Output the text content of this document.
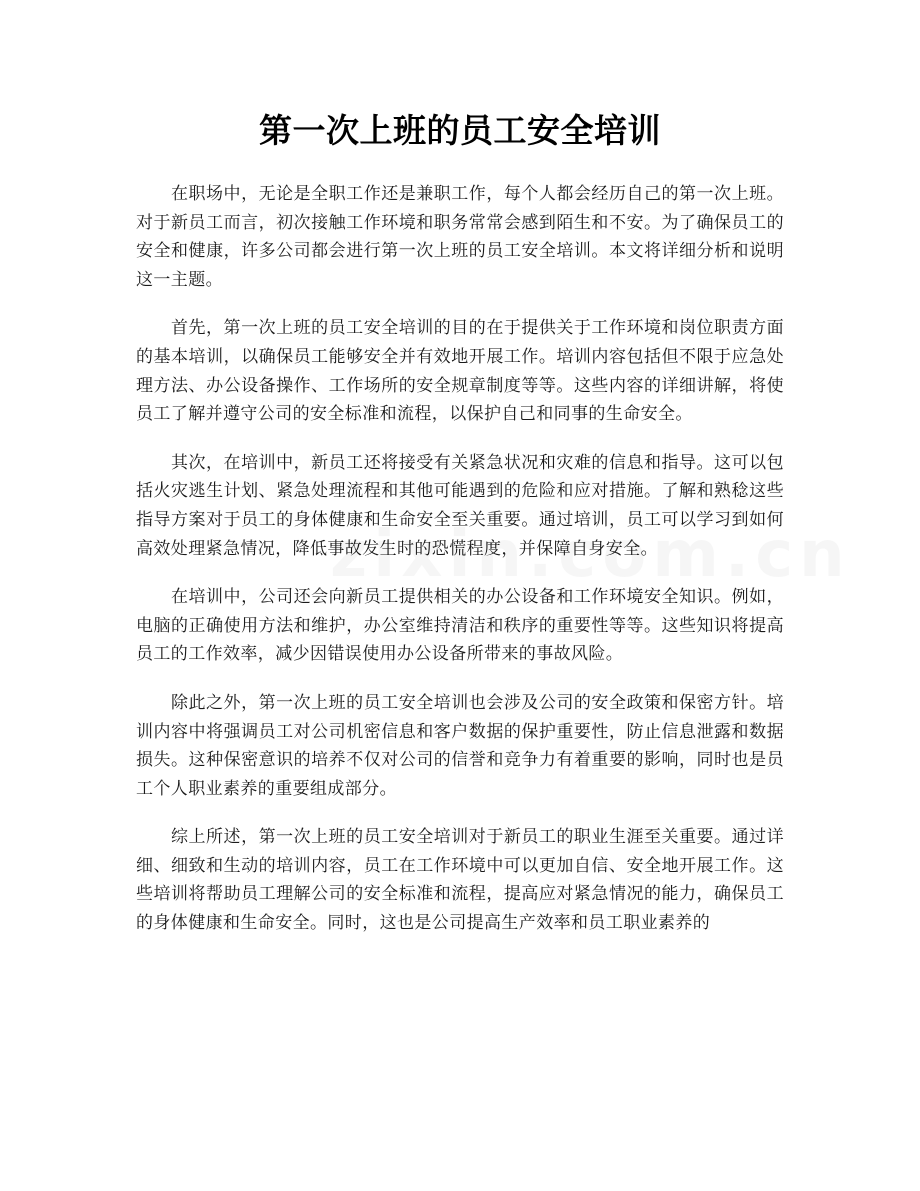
第一次上班的员工安全培训

在职场中，无论是全职工作还是兼职工作，每个人都会经历自己的第一次上班。对于新员工而言，初次接触工作环境和职务常常会感到陌生和不安。为了确保员工的安全和健康，许多公司都会进行第一次上班的员工安全培训。本文将详细分析和说明这一主题。

首先，第一次上班的员工安全培训的目的在于提供关于工作环境和岗位职责方面的基本培训，以确保员工能够安全并有效地开展工作。培训内容包括但不限于应急处理方法、办公设备操作、工作场所的安全规章制度等等。这些内容的详细讲解，将使员工了解并遵守公司的安全标准和流程，以保护自己和同事的生命安全。

其次，在培训中，新员工还将接受有关紧急状况和灾难的信息和指导。这可以包括火灾逃生计划、紧急处理流程和其他可能遇到的危险和应对措施。了解和熟稔这些指导方案对于员工的身体健康和生命安全至关重要。通过培训，员工可以学习到如何高效处理紧急情况，降低事故发生时的恐慌程度，并保障自身安全。

在培训中，公司还会向新员工提供相关的办公设备和工作环境安全知识。例如，电脑的正确使用方法和维护，办公室维持清洁和秩序的重要性等等。这些知识将提高员工的工作效率，减少因错误使用办公设备所带来的事故风险。

除此之外，第一次上班的员工安全培训也会涉及公司的安全政策和保密方针。培训内容中将强调员工对公司机密信息和客户数据的保护重要性，防止信息泄露和数据损失。这种保密意识的培养不仅对公司的信誉和竞争力有着重要的影响，同时也是员工个人职业素养的重要组成部分。

综上所述，第一次上班的员工安全培训对于新员工的职业生涯至关重要。通过详细、细致和生动的培训内容，员工在工作环境中可以更加自信、安全地开展工作。这些培训将帮助员工理解公司的安全标准和流程，提高应对紧急情况的能力，确保员工的身体健康和生命安全。同时，这也是公司提高生产效率和员工职业素养的
